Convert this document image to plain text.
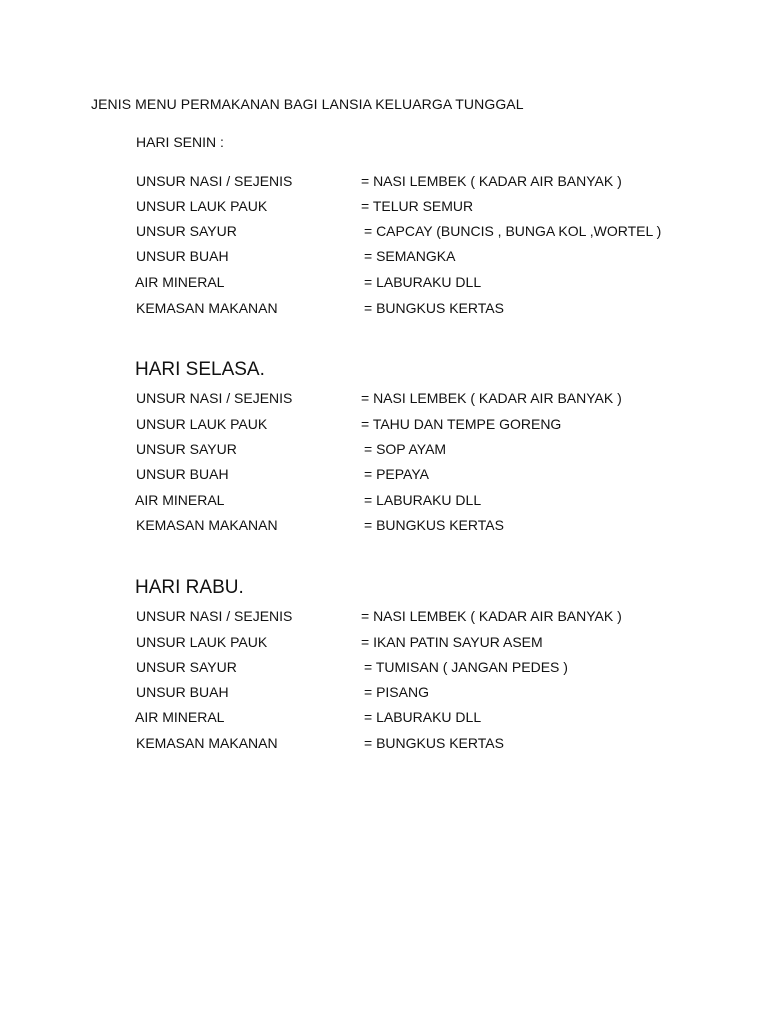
JENIS MENU PERMAKANAN BAGI LANSIA KELUARGA TUNGGAL
HARI SENIN :
UNSUR NASI / SEJENIS	= NASI LEMBEK ( KADAR AIR BANYAK )
UNSUR LAUK PAUK	= TELUR SEMUR
UNSUR SAYUR	= CAPCAY (BUNCIS , BUNGA KOL ,WORTEL )
UNSUR BUAH	= SEMANGKA
AIR MINERAL	= LABURAKU DLL
KEMASAN MAKANAN	= BUNGKUS KERTAS
HARI SELASA.
UNSUR NASI / SEJENIS	= NASI LEMBEK ( KADAR AIR BANYAK )
UNSUR LAUK PAUK	= TAHU DAN TEMPE GORENG
UNSUR SAYUR	= SOP AYAM
UNSUR BUAH	= PEPAYA
AIR MINERAL	= LABURAKU DLL
KEMASAN MAKANAN	= BUNGKUS KERTAS
HARI RABU.
UNSUR NASI / SEJENIS	= NASI LEMBEK ( KADAR AIR BANYAK )
UNSUR LAUK PAUK	= IKAN PATIN SAYUR ASEM
UNSUR SAYUR	= TUMISAN ( JANGAN PEDES )
UNSUR BUAH	= PISANG
AIR MINERAL	= LABURAKU DLL
KEMASAN MAKANAN	= BUNGKUS KERTAS
